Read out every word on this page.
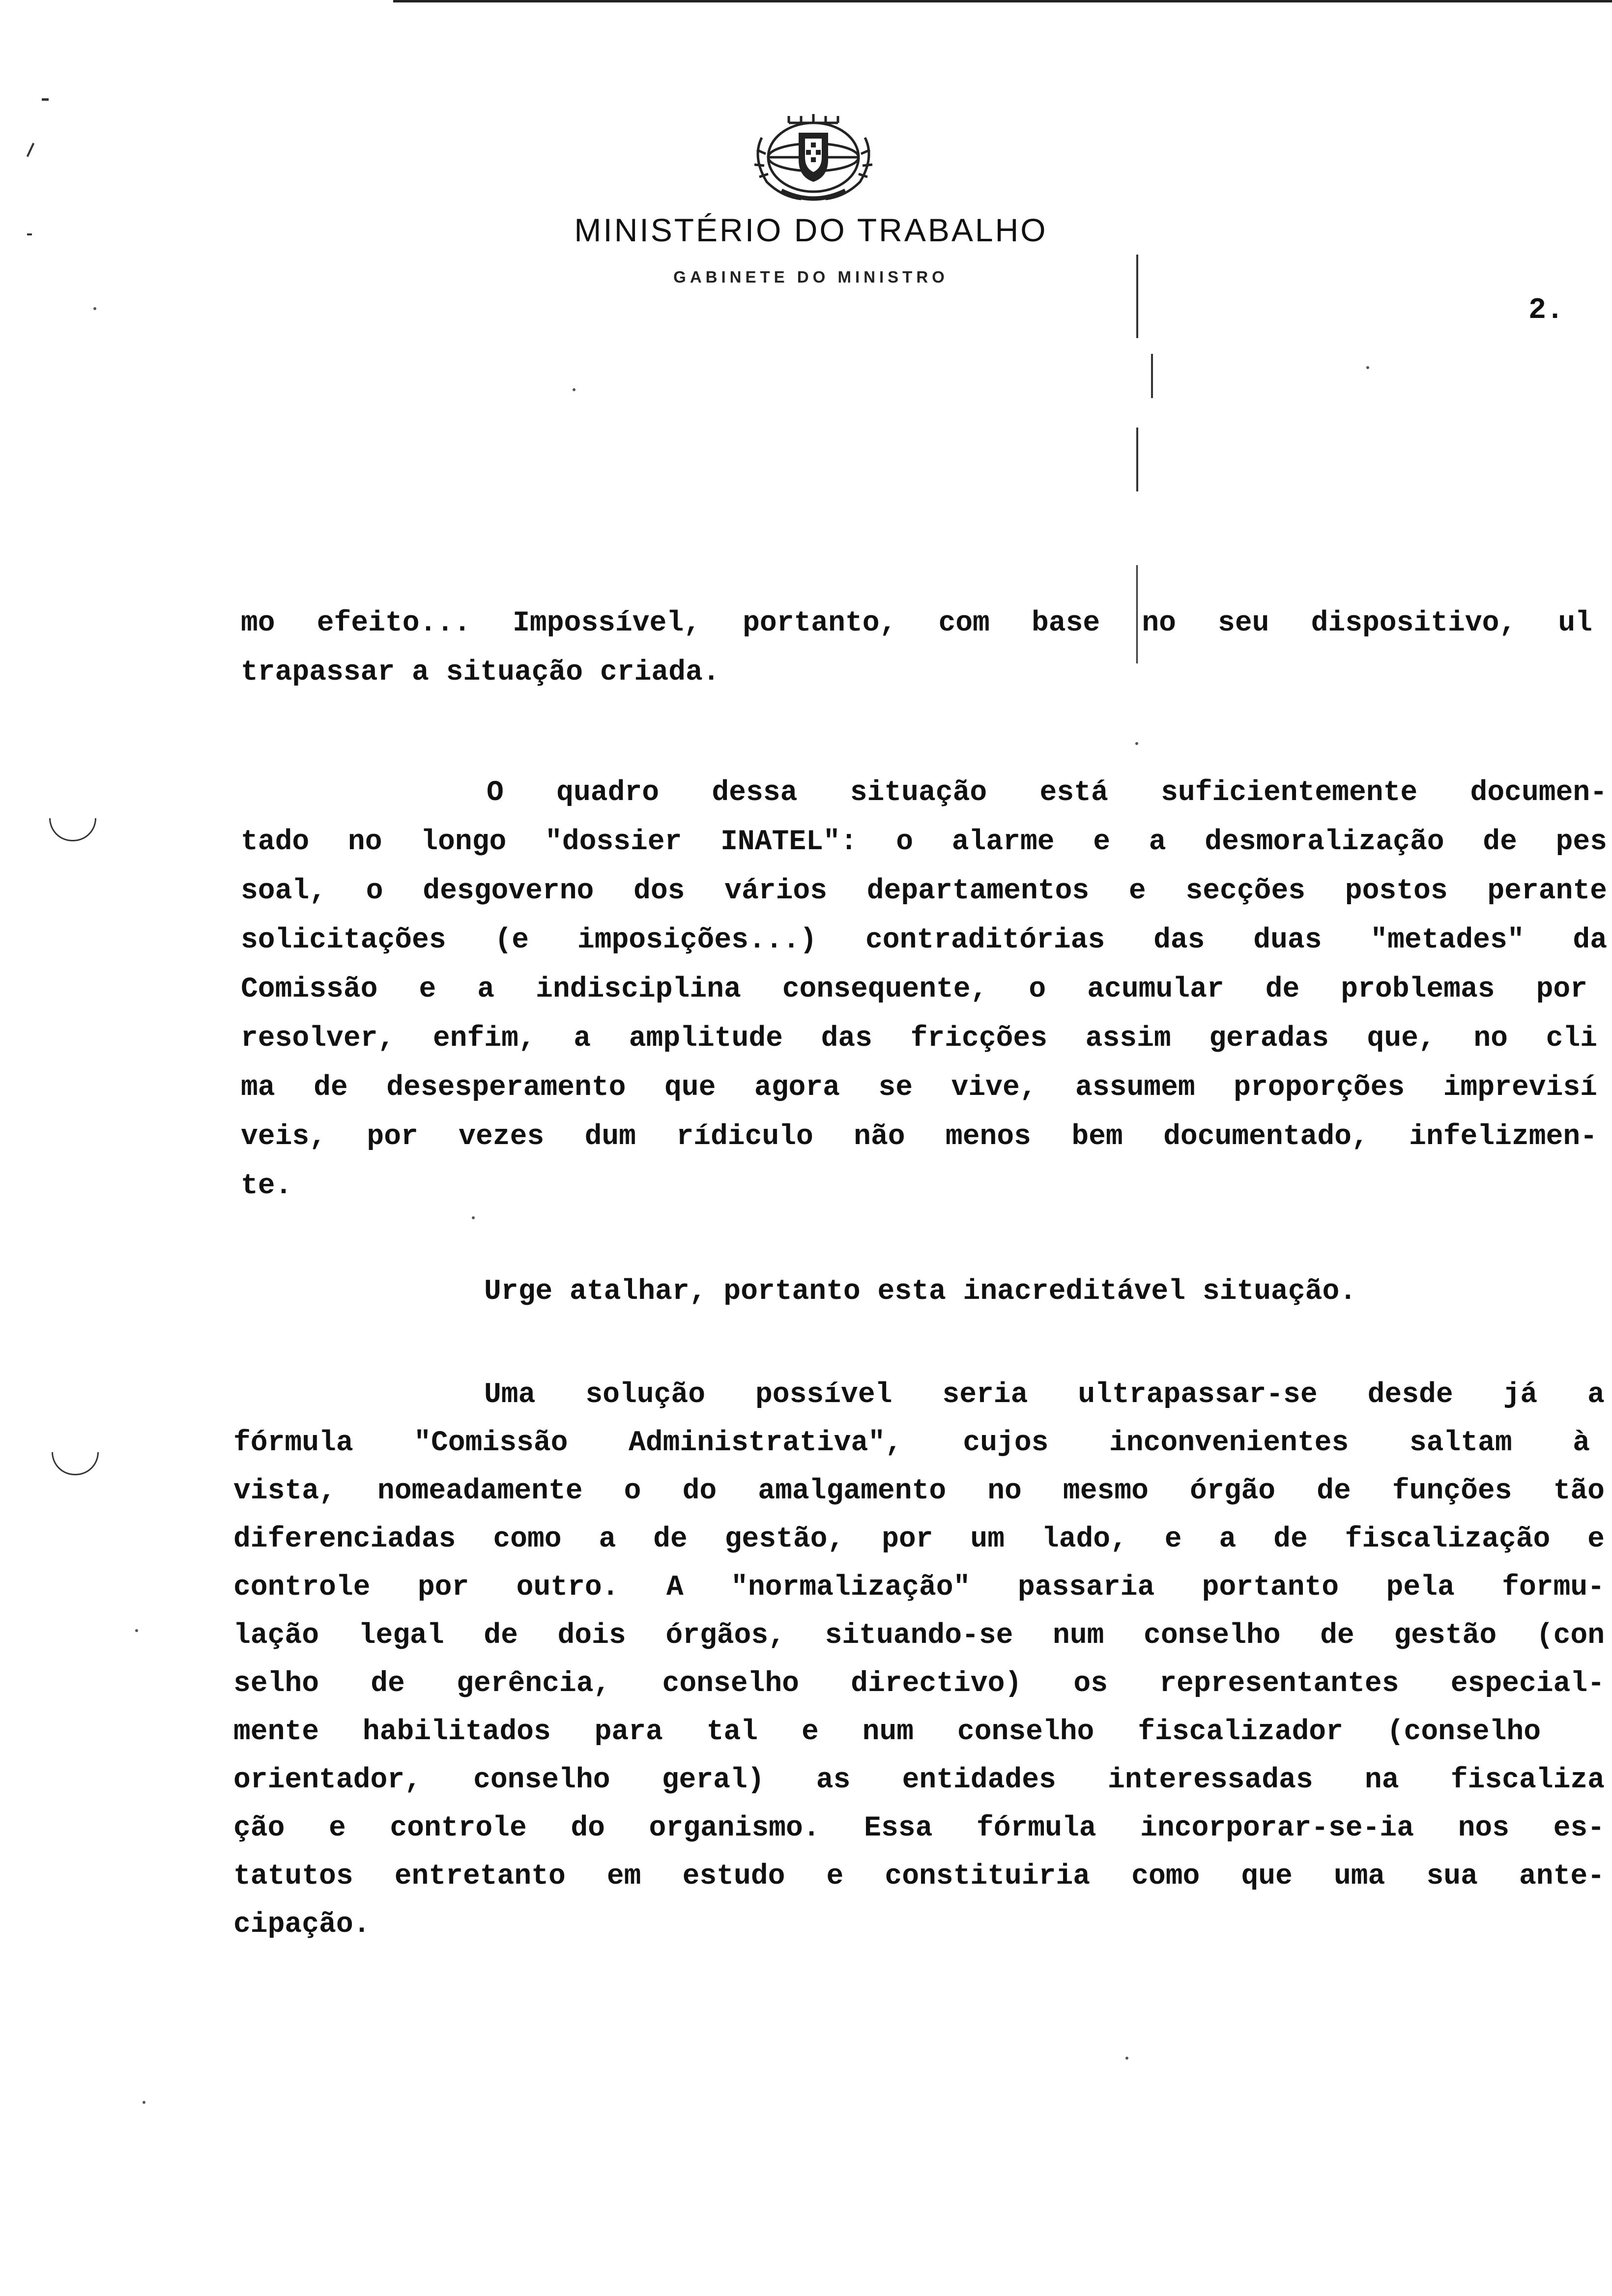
MINISTÉRIO DO TRABALHO
GABINETE DO MINISTRO
2.
mo efeito... Impossível, portanto, com base no seu dispositivo, ul
trapassar a situação criada.
O quadro dessa situação está suficientemente documen-
tado no longo "dossier INATEL": o alarme e a desmoralização de pes
soal, o desgoverno dos vários departamentos e secções postos perante
solicitações (e imposições...) contraditórias das duas "metades" da
Comissão e a indisciplina consequente, o acumular de problemas por
resolver, enfim, a amplitude das fricções assim geradas que, no cli
ma de desesperamento que agora se vive, assumem proporções imprevisí
veis, por vezes dum rídiculo não menos bem documentado, infelizmen-
te.
Urge atalhar, portanto esta inacreditável situação.
Uma solução possível seria ultrapassar-se desde já a
fórmula "Comissão Administrativa", cujos inconvenientes saltam à
vista, nomeadamente o do amalgamento no mesmo órgão de funções tão
diferenciadas como a de gestão, por um lado, e a de fiscalização e
controle por outro. A "normalização" passaria portanto pela formu-
lação legal de dois órgãos, situando-se num conselho de gestão (con
selho de gerência, conselho directivo) os representantes especial-
mente habilitados para tal e num conselho fiscalizador (conselho
orientador, conselho geral) as entidades interessadas na fiscaliza
ção e controle do organismo. Essa fórmula incorporar-se-ia nos es-
tatutos entretanto em estudo e constituiria como que uma sua ante-
cipação.
